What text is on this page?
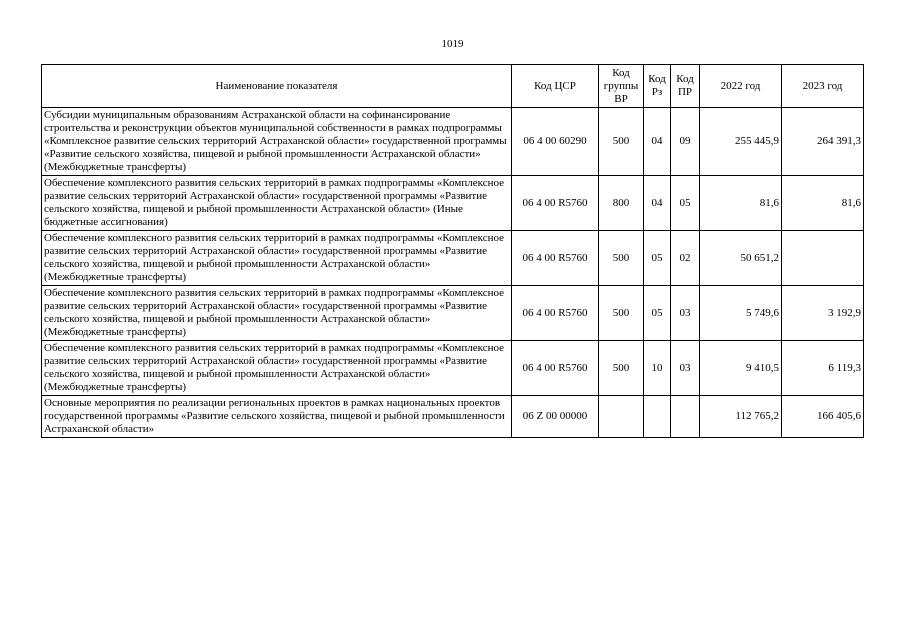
1019
Наименование показателя	Код ЦСР	Код группы ВР	Код Рз	Код ПР	2022 год	2023 год
Субсидии муниципальным образованиям Астраханской области на софинансирование строительства и реконструкции объектов муниципальной собственности в рамках подпрограммы «Комплексное развитие сельских территорий Астраханской области» государственной программы «Развитие сельского хозяйства, пищевой и рыбной промышленности Астраханской области» (Межбюджетные трансферты)	06 4 00 60290	500	04	09	255 445,9	264 391,3
Обеспечение комплексного развития сельских территорий в рамках подпрограммы «Комплексное развитие сельских территорий Астраханской области» государственной программы «Развитие сельского хозяйства, пищевой и рыбной промышленности Астраханской области» (Иные бюджетные ассигнования)	06 4 00 R5760	800	04	05	81,6	81,6
Обеспечение комплексного развития сельских территорий в рамках подпрограммы «Комплексное развитие сельских территорий Астраханской области» государственной программы «Развитие сельского хозяйства, пищевой и рыбной промышленности Астраханской области» (Межбюджетные трансферты)	06 4 00 R5760	500	05	02	50 651,2	
Обеспечение комплексного развития сельских территорий в рамках подпрограммы «Комплексное развитие сельских территорий Астраханской области» государственной программы «Развитие сельского хозяйства, пищевой и рыбной промышленности Астраханской области» (Межбюджетные трансферты)	06 4 00 R5760	500	05	03	5 749,6	3 192,9
Обеспечение комплексного развития сельских территорий в рамках подпрограммы «Комплексное развитие сельских территорий Астраханской области» государственной программы «Развитие сельского хозяйства, пищевой и рыбной промышленности Астраханской области» (Межбюджетные трансферты)	06 4 00 R5760	500	10	03	9 410,5	6 119,3
Основные мероприятия по реализации региональных проектов в рамках национальных проектов государственной программы «Развитие сельского хозяйства, пищевой и рыбной промышленности Астраханской области»	06 Z 00 00000				112 765,2	166 405,6
